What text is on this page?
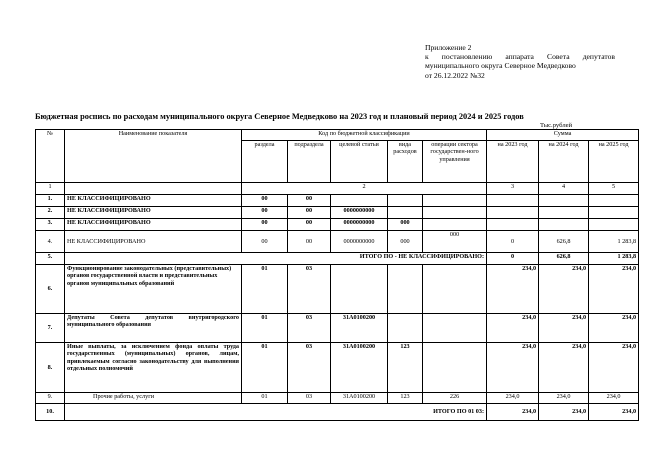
Приложение 2
к постановлению аппарата Совета депутатов
муниципального округа Северное Медведково
от 26.12.2022 №32
Бюджетная роспись по расходам муниципального округа Северное Медведково на 2023 год и плановый период 2024 и 2025 годов
Тыс.рублей
№	Наименование показателя	Код по бюджетной классификации					Сумма		
		раздела	подраздела	целевой статьи	вида расходов	операции сектора государствен-ного управления	на 2023 год	на 2024 год	на 2025 год
1		2					3	4	5
1.	НЕ КЛАССИФИЦИРОВАНО	00	00						
2.	НЕ КЛАССИФИЦИРОВАНО	00	00	0000000000					
3.	НЕ КЛАССИФИЦИРОВАНО	00	00	0000000000	000				
4.	НЕ КЛАССИФИЦИРОВАНО	00	00	0000000000	000	000	0	626,8	1 283,8
5.	ИТОГО ПО - НЕ КЛАССИФИЦИРОВАНО:						0	626,8	1 283,8
6.	Функционирование законодательных (представительных) органов государственной власти и представительных органов муниципальных образований	01	03				234,0	234,0	234,0
7.	Депутаты Совета депутатов внутригородского муниципального образования	01	03	31А0100200			234,0	234,0	234,0
8.	Иные выплаты, за исключением фонда оплаты труда государственных (муниципальных) органов, лицам, привлекаемым согласно законодательству для выполнения отдельных полномочий	01	03	31А0100200	123		234,0	234,0	234,0
9.	Прочие работы, услуги	01	03	31А0100200	123	226	234,0	234,0	234,0
10.	ИТОГО ПО 01 03:						234,0	234,0	234,0
